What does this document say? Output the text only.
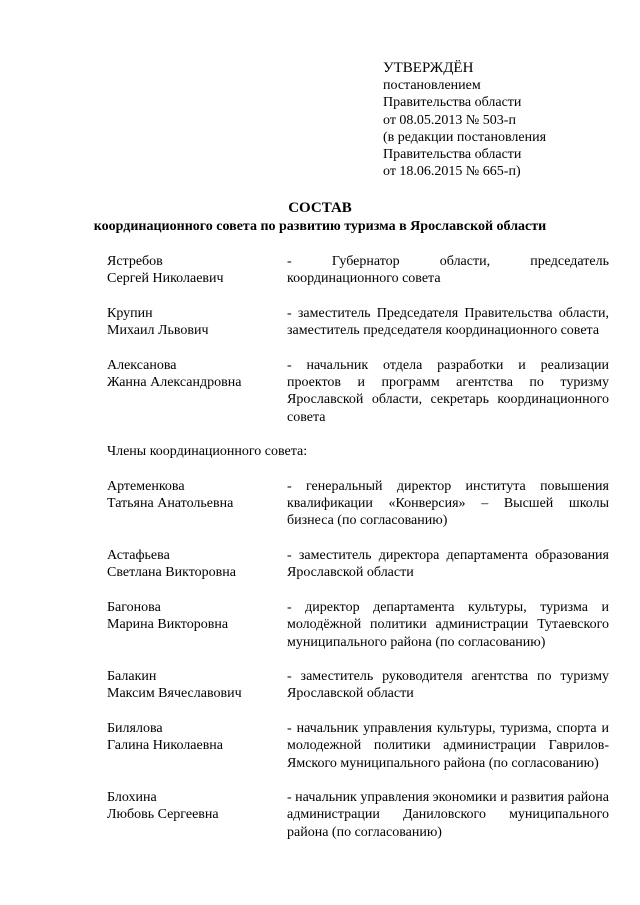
УТВЕРЖДЁН
постановлением
Правительства области
от 08.05.2013 № 503-п
(в редакции постановления
Правительства области
от 18.06.2015 № 665-п)
СОСТАВ
координационного совета по развитию туризма в Ярославской области
Ястребов
Сергей Николаевич
- Губернатор области, председатель координационного совета
Крупин
Михаил Львович
- заместитель Председателя Правительства области, заместитель председателя координационного совета
Алексанова
Жанна Александровна
- начальник отдела разработки и реализации проектов и программ агентства по туризму Ярославской области, секретарь координационного совета
Члены координационного совета:
Артеменкова
Татьяна Анатольевна
- генеральный директор института повышения квалификации «Конверсия» – Высшей школы бизнеса (по согласованию)
Астафьева
Светлана Викторовна
- заместитель директора департамента образования Ярославской области
Багонова
Марина Викторовна
- директор департамента культуры, туризма и молодёжной политики администрации Тутаевского муниципального района (по согласованию)
Балакин
Максим Вячеславович
- заместитель руководителя агентства по туризму Ярославской области
Билялова
Галина Николаевна
- начальник управления культуры, туризма, спорта и молодежной политики администрации Гаврилов-Ямского муниципального района (по согласованию)
Блохина
Любовь Сергеевна
- начальник управления экономики и развития района администрации Даниловского муниципального района (по согласованию)
